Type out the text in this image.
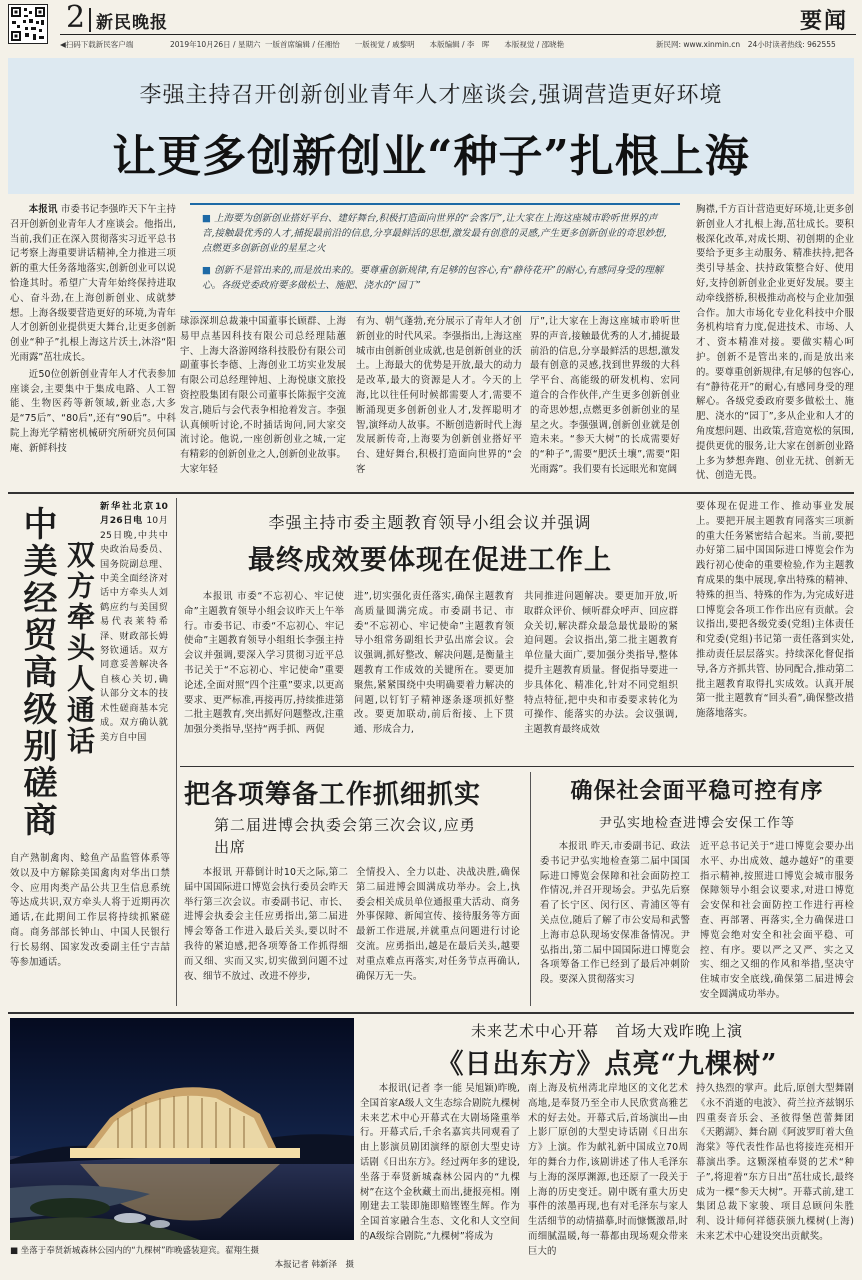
2 新民晚报	要闻
◀扫码下载新民客户端	2019年10月26日 / 星期六 一版首席编辑 / 任湘怡　　一版视觉 / 戚黎明　　本版编辑 / 李　晖　　本版视觉 / 邵晓艳	新民网: www.xinmin.cn　24小时读者热线: 962555
李强主持召开创新创业青年人才座谈会,强调营造更好环境
让更多创新创业“种子”扎根上海

本报讯 市委书记李强昨天下午主持召开创新创业青年人才座谈会。他指出,当前,我们正在深入贯彻落实习近平总书记考察上海重要讲话精神,全力推进三项新的重大任务落地落实,创新创业可以说恰逢其时。希望广大青年始终保持进取心、奋斗劲,在上海创新创业、成就梦想。上海各级要营造更好的环境,为青年人才创新创业提供更大舞台,让更多创新创业“种子”扎根上海这片沃土,沐浴“阳光雨露”茁壮成长。

近50位创新创业青年人才代表参加座谈会,主要集中于集成电路、人工智能、生物医药等新领域,新业态,大多是“75后”、“80后”,还有“90后”。中科院上海光学精密机械研究所研究员何国庵、新鲜科技

■ 上海要为创新创业搭好平台、建好舞台,积极打造面向世界的“会客厅”,让大家在上海这座城市聆听世界的声音,接触最优秀的人才,捕捉最前沿的信息,分享最鲜活的思想,激发最有创意的灵感,产生更多创新创业的奇思妙想,点燃更多创新创业的星星之火
■ 创新不是管出来的,而是放出来的。要尊重创新规律,有足够的包容心,有“静待花开”的耐心,有感同身受的理解心。各级党委政府要多做松土、施肥、浇水的“园丁”

球添深圳总裁兼中国董事长顾群、上海易甲点基因科技有限公司总经理陆蕙宇、上海大洛游网络科技股份有限公司副董事长李德、上海创业工坊实业发展有限公司总经理钟旭、上海悦康文旅投资控股集团有限公司董事长陈振宇交流发言,随后与会代表争相抢着发言。李强认真倾听讨论,不时插话询问,同大家交流讨论。他说,一座创新创业之城,一定有精彩的创新创业之人,创新创业故事。大家年轻

有为、朝气蓬勃,充分展示了青年人才创新创业的时代风采。李强指出,上海这座城市由创新创业成就,也是创新创业的沃土。上海最大的优势是开放,最大的动力是改革,最大的资源是人才。今天的上海,比以往任何时候都需要人才,需要不断涌现更多创新创业人才,发挥聪明才智,演绎动人故事。不断创造新时代上海发展新传奇,上海要为创新创业搭好平台、建好舞台,积极打造面向世界的“会客

厅”,让大家在上海这座城市聆听世界的声音,接触最优秀的人才,捕捉最前沿的信息,分享最鲜活的思想,激发最有创意的灵感,找到世界级的大科学平台、高能级的研发机构、宏同道合的合作伙伴,产生更多创新创业的奇思妙想,点燃更多创新创业的星星之火。李强强调,创新创业就是创造未来。“参天大树”的长成需要好的“种子”,需要“肥沃土壤”,需要“阳光雨露”。我们要有长远眼光和宽阔

胸襟,千方百计营造更好环境,让更多创新创业人才扎根上海,茁壮成长。要积极深化改革,对成长期、初创期的企业要给予更多主动服务、精准扶持,把各类引导基金、扶持政策整合好、使用好,支持创新创业企业更好发展。要主动牵线搭桥,积极推动高校与企业加强合作。加大市场化专业化科技中介服务机构培育力度,促进技术、市场、人才、资本精准对接。要做实精心呵护。创新不是管出来的,而是放出来的。要尊重创新规律,有足够的包容心,有“静待花开”的耐心,有感同身受的理解心。各级党委政府要多做松土、施肥、浇水的“园丁”,多从企业和人才的角度想问题、出政策,营造宽松的氛围,提供更优的服务,让大家在创新创业路上多为梦想奔跑、创业无扰、创新无忧、创造无畏。

中美经贸高级别磋商 双方牵头人通话

新华社北京10月26日电 10月25日晚,中共中央政治局委员、国务院副总理、中美全面经济对话中方牵头人刘鹤应约与美国贸易代表莱特希泽、财政部长姆努钦通话。双方同意妥善解决各自核心关切,确认部分文本的技术性磋商基本完成。双方确认就美方自中国

自产熟制禽肉、鲶鱼产品监管体系等效以及中方解除美国禽肉对华出口禁令、应用肉类产品公共卫生信息系统等达成共识,双方牵头人将于近期再次通话,在此期间工作层将持续抓紧磋商。商务部部长钟山、中国人民银行行长易纲、国家发改委副主任宁吉喆等参加通话。

李强主持市委主题教育领导小组会议并强调
最终成效要体现在促进工作上

本报讯 市委“不忘初心、牢记使命”主题教育领导小组会议昨天上午举行。市委书记、市委“不忘初心、牢记使命”主题教育领导小组组长李强主持会议并强调,要深入学习贯彻习近平总书记关于“不忘初心、牢记使命”重要论述,全面对照“四个注重”要求,以更高要求、更严标准,再接再厉,持续推进第二批主题教育,突出抓好问题整改,注重加强分类指导,坚持“两手抓、两促

进”,切实强化责任落实,确保主题教育高质量圆满完成。市委副书记、市委“不忘初心、牢记使命”主题教育领导小组常务副组长尹弘出席会议。会议强调,抓好整改、解决问题,是衡量主题教育工作成效的关键所在。要更加聚焦,紧紧围绕中央明确要着力解决的问题,以钉钉子精神逐条逐项抓好整改。要更加联动,前后衔接、上下贯通、形成合力,

共同推进问题解决。要更加开放,听取群众评价、倾听群众呼声、回应群众关切,解决群众最急最忧最盼的紧迫问题。会议指出,第二批主题教育单位量大面广,要加强分类指导,整体提升主题教育质量。督促指导要进一步具体化、精准化,针对不同党组织特点特征,把中央和市委要求转化为可操作、能落实的办法。会议强调,主题教育最终成效

要体现在促进工作、推动事业发展上。要把开展主题教育同落实三项新的重大任务紧密结合起来。当前,要把办好第二届中国国际进口博览会作为践行初心使命的重要检验,作为主题教育成果的集中展现,拿出特殊的精神、特殊的担当、特殊的作为,为完成好进口博览会各项工作作出应有贡献。会议指出,要把各级党委(党组)主体责任和党委(党组)书记第一责任落到实处,推动责任层层落实。持续深化督促指导,各方齐抓共管、协同配合,推动第二批主题教育取得扎实成效。认真开展第一批主题教育“回头看”,确保整改措施落地落实。

把各项筹备工作抓细抓实
第二届进博会执委会第三次会议,应勇出席

本报讯 开幕倒计时10天之际,第二届中国国际进口博览会执行委员会昨天举行第三次会议。市委副书记、市长、进博会执委会主任应勇指出,第二届进博会筹备工作进入最后关头,要以时不我待的紧迫感,把各项筹备工作抓得细而又细、实而又实,切实做到问题不过夜、细节不放过、改进不停步,

全情投入、全力以赴、决战决胜,确保第二届进博会圆满成功举办。会上,执委会相关成员单位通报重大活动、商务外事保障、新闻宣传、接待服务等方面最新工作进展,并就重点问题进行讨论交流。应勇指出,越是在最后关头,越要对重点难点再落实,对任务节点再确认,确保万无一失。

确保社会面平稳可控有序
尹弘实地检查进博会安保工作等

本报讯 昨天,市委副书记、政法委书记尹弘实地检查第二届中国国际进口博览会保障和社会面防控工作情况,并召开现场会。尹弘先后察看了长宁区、闵行区、青浦区等有关点位,随后了解了市公安局和武警上海市总队现场安保准备情况。尹弘指出,第二届中国国际进口博览会各项筹备工作已经到了最后冲刺阶段。要深入贯彻落实习

近平总书记关于“进口博览会要办出水平、办出成效、越办越好”的重要指示精神,按照进口博览会城市服务保障领导小组会议要求,对进口博览会安保和社会面防控工作进行再检查、再部署、再落实,全力确保进口博览会绝对安全和社会面平稳、可控、有序。要以严之又严、实之又实、细之又细的作风和举措,坚决守住城市安全底线,确保第二届进博会安全圆满成功举办。

未来艺术中心开幕　首场大戏昨晚上演
《日出东方》点亮“九棵树”
■ 坐落于奉贤新城森林公园内的“九棵树”昨晚盛装迎宾。翟翔生摄
本报记者 韩新泽　摄

本报讯(记者 李一能 吴旭颖)昨晚,全国首家A级人文生态综合剧院九棵树未来艺术中心开幕式在大剧场隆重举行。开幕式后,千余名嘉宾共同观看了由上影演员剧团演绎的原创大型史诗话剧《日出东方》。经过两年多的建设,坐落于奉贤新城森林公园内的“九棵树”在这个金秋藏土而出,捷报亮相。刚刚建去工装即施即赔铿铿生辉。作为全国首家融合生态、文化和人文空间的A级综合剧院,“九棵树”将成为

南上海及杭州湾北岸地区的文化艺术高地,是奉贤乃至全市人民欣赏高雅艺术的好去处。开幕式后,首场演出—由上影厂原创的大型史诗话剧《日出东方》上演。作为献礼新中国成立70周年的舞台力作,该剧讲述了伟人毛泽东与上海的深厚渊源,也还原了一段关于上海的历史变迁。剧中既有重大历史事件的浓墨再现,也有对毛泽东与家人生活细节的动情描摹,时而慷慨激昂,时而细腻温暖,每一幕都由现场观众带来巨大的

持久热烈的掌声。此后,原创大型舞剧《永不消逝的电波》、荷兰拉齐兹钢乐四重奏音乐会、圣彼得堡芭蕾舞团《天鹅湖》、舞台剧《阿波罗盯着大鱼海棠》等代表性作品也将接连亮相开幕演出季。这颗深植奉贤的艺术“种子”,将迎着“东方日出”茁壮成长,最终成为一棵“参天大树”。开幕式前,建工集团总裁下家骏、项目总顾问朱胜利、设计师何祥德获颁九棵树(上海)未来艺术中心建设突出贡献奖。
